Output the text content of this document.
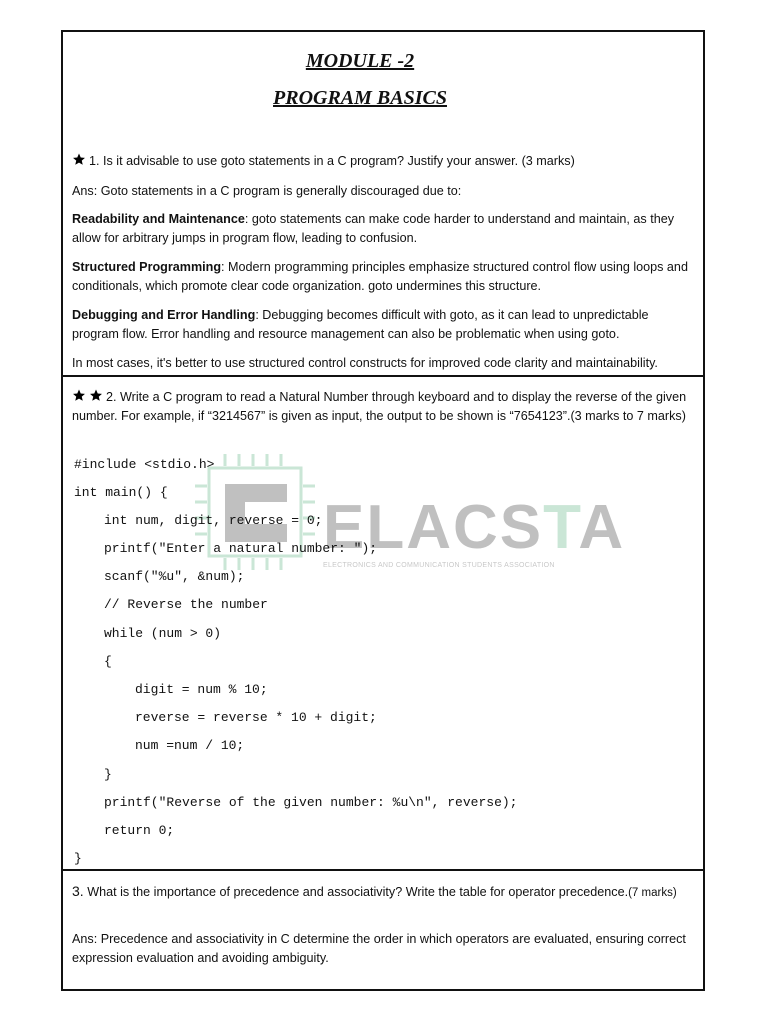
MODULE -2
PROGRAM BASICS

1. Is it advisable to use goto statements in a C program? Justify your answer. (3 marks)

Ans: Goto statements in a C program is generally discouraged due to:

Readability and Maintenance: goto statements can make code harder to understand and maintain, as they allow for arbitrary jumps in program flow, leading to confusion.

Structured Programming: Modern programming principles emphasize structured control flow using loops and conditionals, which promote clear code organization. goto undermines this structure.

Debugging and Error Handling: Debugging becomes difficult with goto, as it can lead to unpredictable program flow. Error handling and resource management can also be problematic when using goto.

In most cases, it's better to use structured control constructs for improved code clarity and maintainability.

2. Write a C program to read a Natural Number through keyboard and to display the reverse of the given number. For example, if “3214567” is given as input, the output to be shown is “7654123”.(3 marks to 7 marks)

ELACSTA
ELECTRONICS AND COMMUNICATION STUDENTS ASSOCIATION
#include <stdio.h>
int main() {
int num, digit, reverse = 0;
printf("Enter a natural number: ");
scanf("%u", &num);
// Reverse the number
while (num > 0)
{
digit = num % 10;
reverse = reverse * 10 + digit;
num =num / 10;
}
printf("Reverse of the given number: %u\n", reverse);
return 0;
}

3. What is the importance of precedence and associativity? Write the table for operator precedence.(7 marks)

Ans: Precedence and associativity in C determine the order in which operators are evaluated, ensuring correct expression evaluation and avoiding ambiguity.
